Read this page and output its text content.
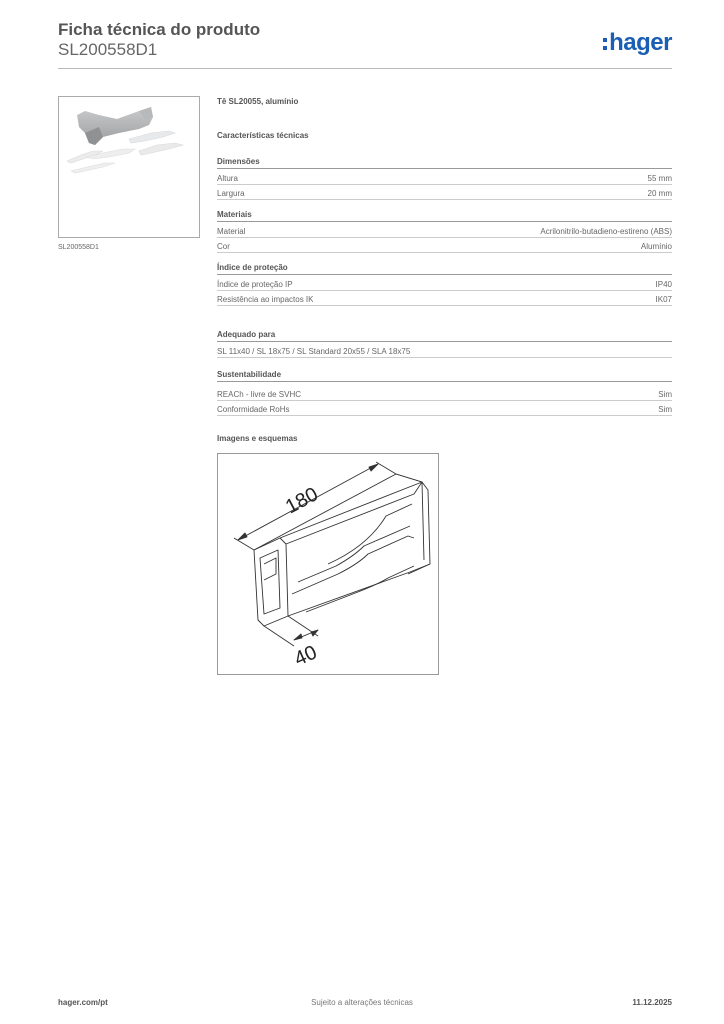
Ficha técnica do produto
SL200558D1	hager
SL200558D1
Tê SL20055, alumínio
Características técnicas
Dimensões
Altura	55 mm
Largura	20 mm
Materiais
Material	Acrilonitrilo-butadieno-estireno (ABS)
Cor	Alumínio
Índice de proteção
Índice de proteção IP	IP40
Resistência ao impactos IK	IK07
Adequado para
SL 11x40 / SL 18x75 / SL Standard 20x55 / SLA 18x75
Sustentabilidade
REACh - livre de SVHC	Sim
Conformidade RoHs	Sim
Imagens e esquemas
180
40
hager.com/pt	Sujeito a alterações técnicas	11.12.2025
